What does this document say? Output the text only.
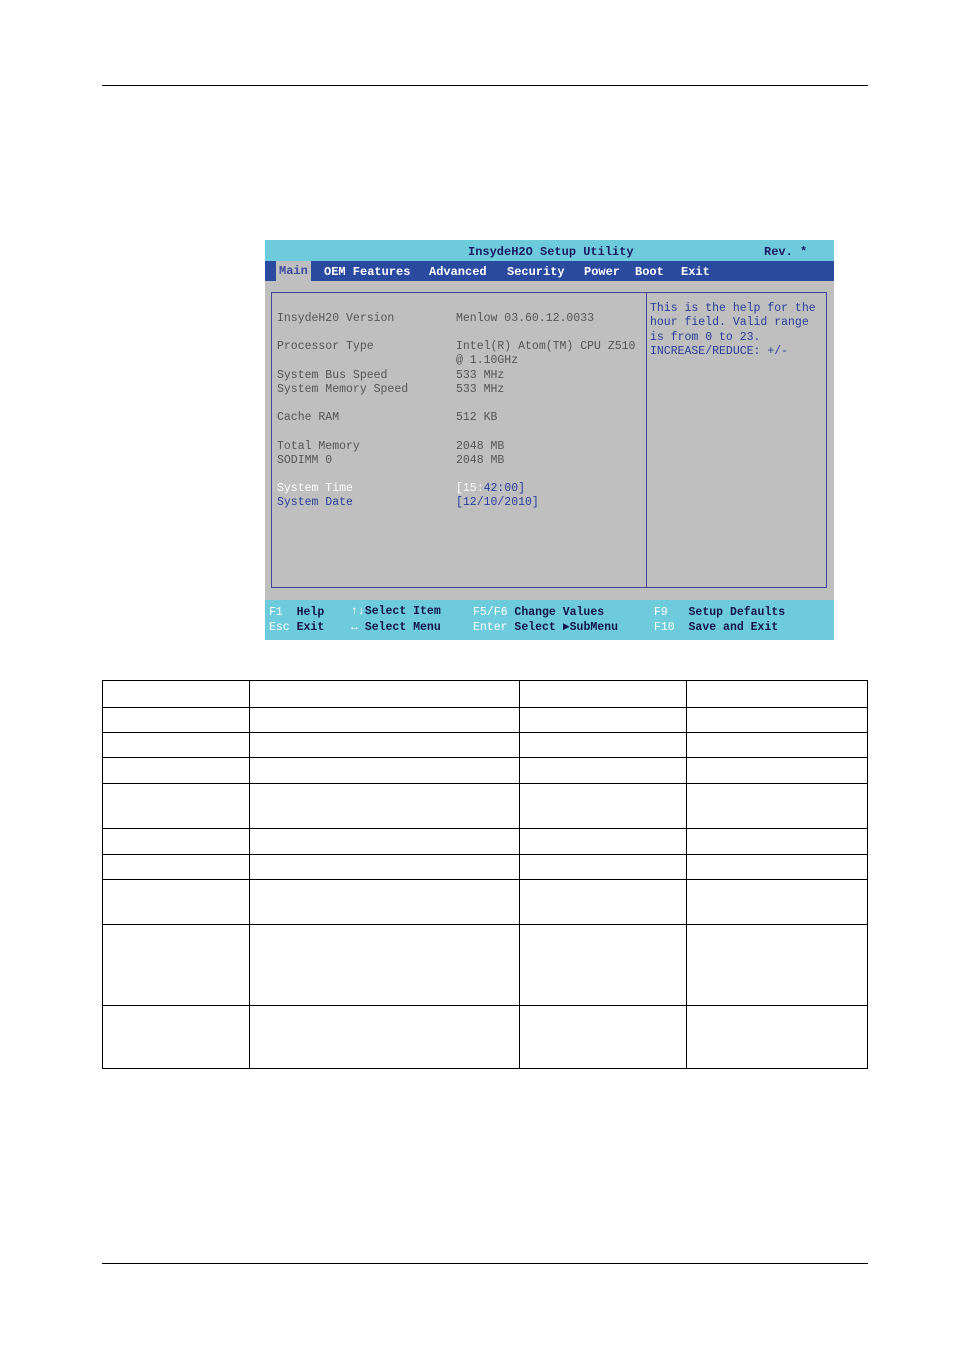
InsydeH2O Setup Utility	Rev. *
Main OEM Features Advanced Security Power Boot Exit
InsydeH20 Version	Menlow 03.60.12.0033
Processor Type	Intel(R) Atom(TM) CPU Z510
@ 1.10GHz
System Bus Speed	533 MHz
System Memory Speed	533 MHz
Cache RAM	512 KB
Total Memory	2048 MB
SODIMM 0	2048 MB
System Time	[15:42:00]
System Date	[12/10/2010]
This is the help for the
hour field. Valid range
is from 0 to 23.
INCREASE/REDUCE: +/-
F1 Help ↑↓Select Item	F5/F6 Change Values	F9 Setup Defaults
Esc Exit ↔ Select Menu	Enter Select ►SubMenu	F10 Save and Exit
